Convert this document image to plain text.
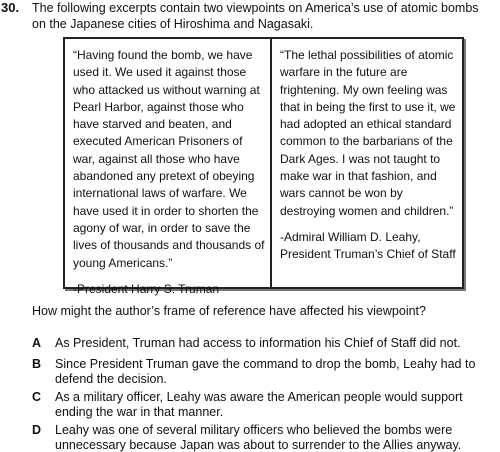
30. The following excerpts contain two viewpoints on America’s use of atomic bombs on the Japanese cities of Hiroshima and Nagasaki.

“Having found the bomb, we have used it. We used it against those who attacked us without warning at Pearl Harbor, against those who have starved and beaten, and executed American Prisoners of war, against all those who have abandoned any pretext of obeying international laws of warfare. We have used it in order to shorten the agony of war, in order to save the lives of thousands and thousands of young Americans.”

-President Harry S. Truman

“The lethal possibilities of atomic warfare in the future are frightening. My own feeling was that in being the first to use it, we had adopted an ethical standard common to the barbarians of the Dark Ages. I was not taught to make war in that fashion, and wars cannot be won by destroying women and children.”

-Admiral William D. Leahy, President Truman’s Chief of Staff

How might the author’s frame of reference have affected his viewpoint?
A	As President, Truman had access to information his Chief of Staff did not.
B	Since President Truman gave the command to drop the bomb, Leahy had to defend the decision.
C	As a military officer, Leahy was aware the American people would support ending the war in that manner.
D	Leahy was one of several military officers who believed the bombs were unnecessary because Japan was about to surrender to the Allies anyway.
